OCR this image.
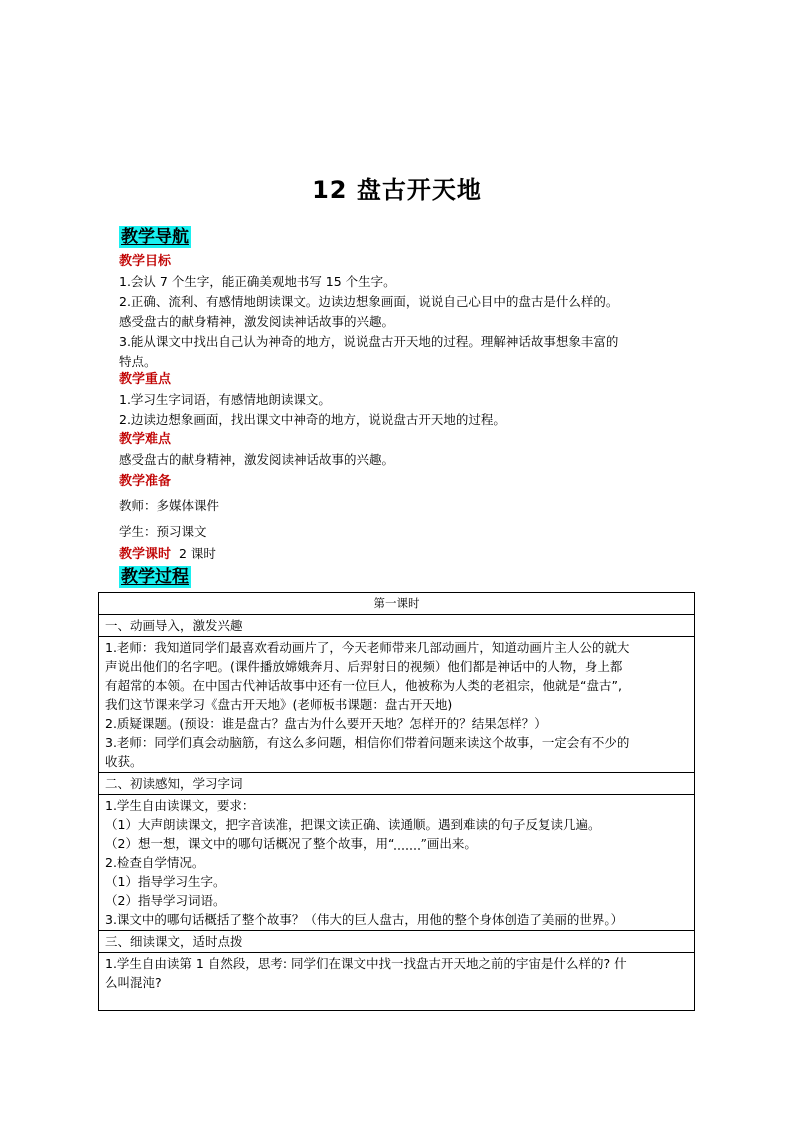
12 盘古开天地
教学导航
教学目标
1.会认 7 个生字，能正确美观地书写 15 个生字。
2.正确、流利、有感情地朗读课文。边读边想象画面，说说自己心目中的盘古是什么样的。
感受盘古的献身精神，激发阅读神话故事的兴趣。
3.能从课文中找出自己认为神奇的地方，说说盘古开天地的过程。理解神话故事想象丰富的
特点。
教学重点
1.学习生字词语，有感情地朗读课文。
2.边读边想象画面，找出课文中神奇的地方，说说盘古开天地的过程。
教学难点
感受盘古的献身精神，激发阅读神话故事的兴趣。
教学准备
教师：多媒体课件
学生：预习课文
教学课时 2 课时
教学过程
第一课时
一、动画导入，激发兴趣
1.老师：我知道同学们最喜欢看动画片了，今天老师带来几部动画片，知道动画片主人公的就大
声说出他们的名字吧。(课件播放嫦娥奔月、后羿射日的视频）他们都是神话中的人物，身上都
有超常的本领。在中国古代神话故事中还有一位巨人，他被称为人类的老祖宗，他就是“盘古”,
我们这节课来学习《盘古开天地》(老师板书课题：盘古开天地)
2.质疑课题。(预设：谁是盘古？盘古为什么要开天地？怎样开的？结果怎样？）
3.老师：同学们真会动脑筋，有这么多问题，相信你们带着问题来读这个故事，一定会有不少的
收获。
二、初读感知，学习字词
1.学生自由读课文，要求：
（1）大声朗读课文，把字音读准，把课文读正确、读通顺。遇到难读的句子反复读几遍。
（2）想一想，课文中的哪句话概况了整个故事，用“ ”画出来。
2.检查自学情况。
（1）指导学习生字。
（2）指导学习词语。
3.课文中的哪句话概括了整个故事？（伟大的巨人盘古，用他的整个身体创造了美丽的世界。）
三、细读课文，适时点拨
1.学生自由读第 1 自然段，思考: 同学们在课文中找一找盘古开天地之前的宇宙是什么样的? 什
么叫混沌?
